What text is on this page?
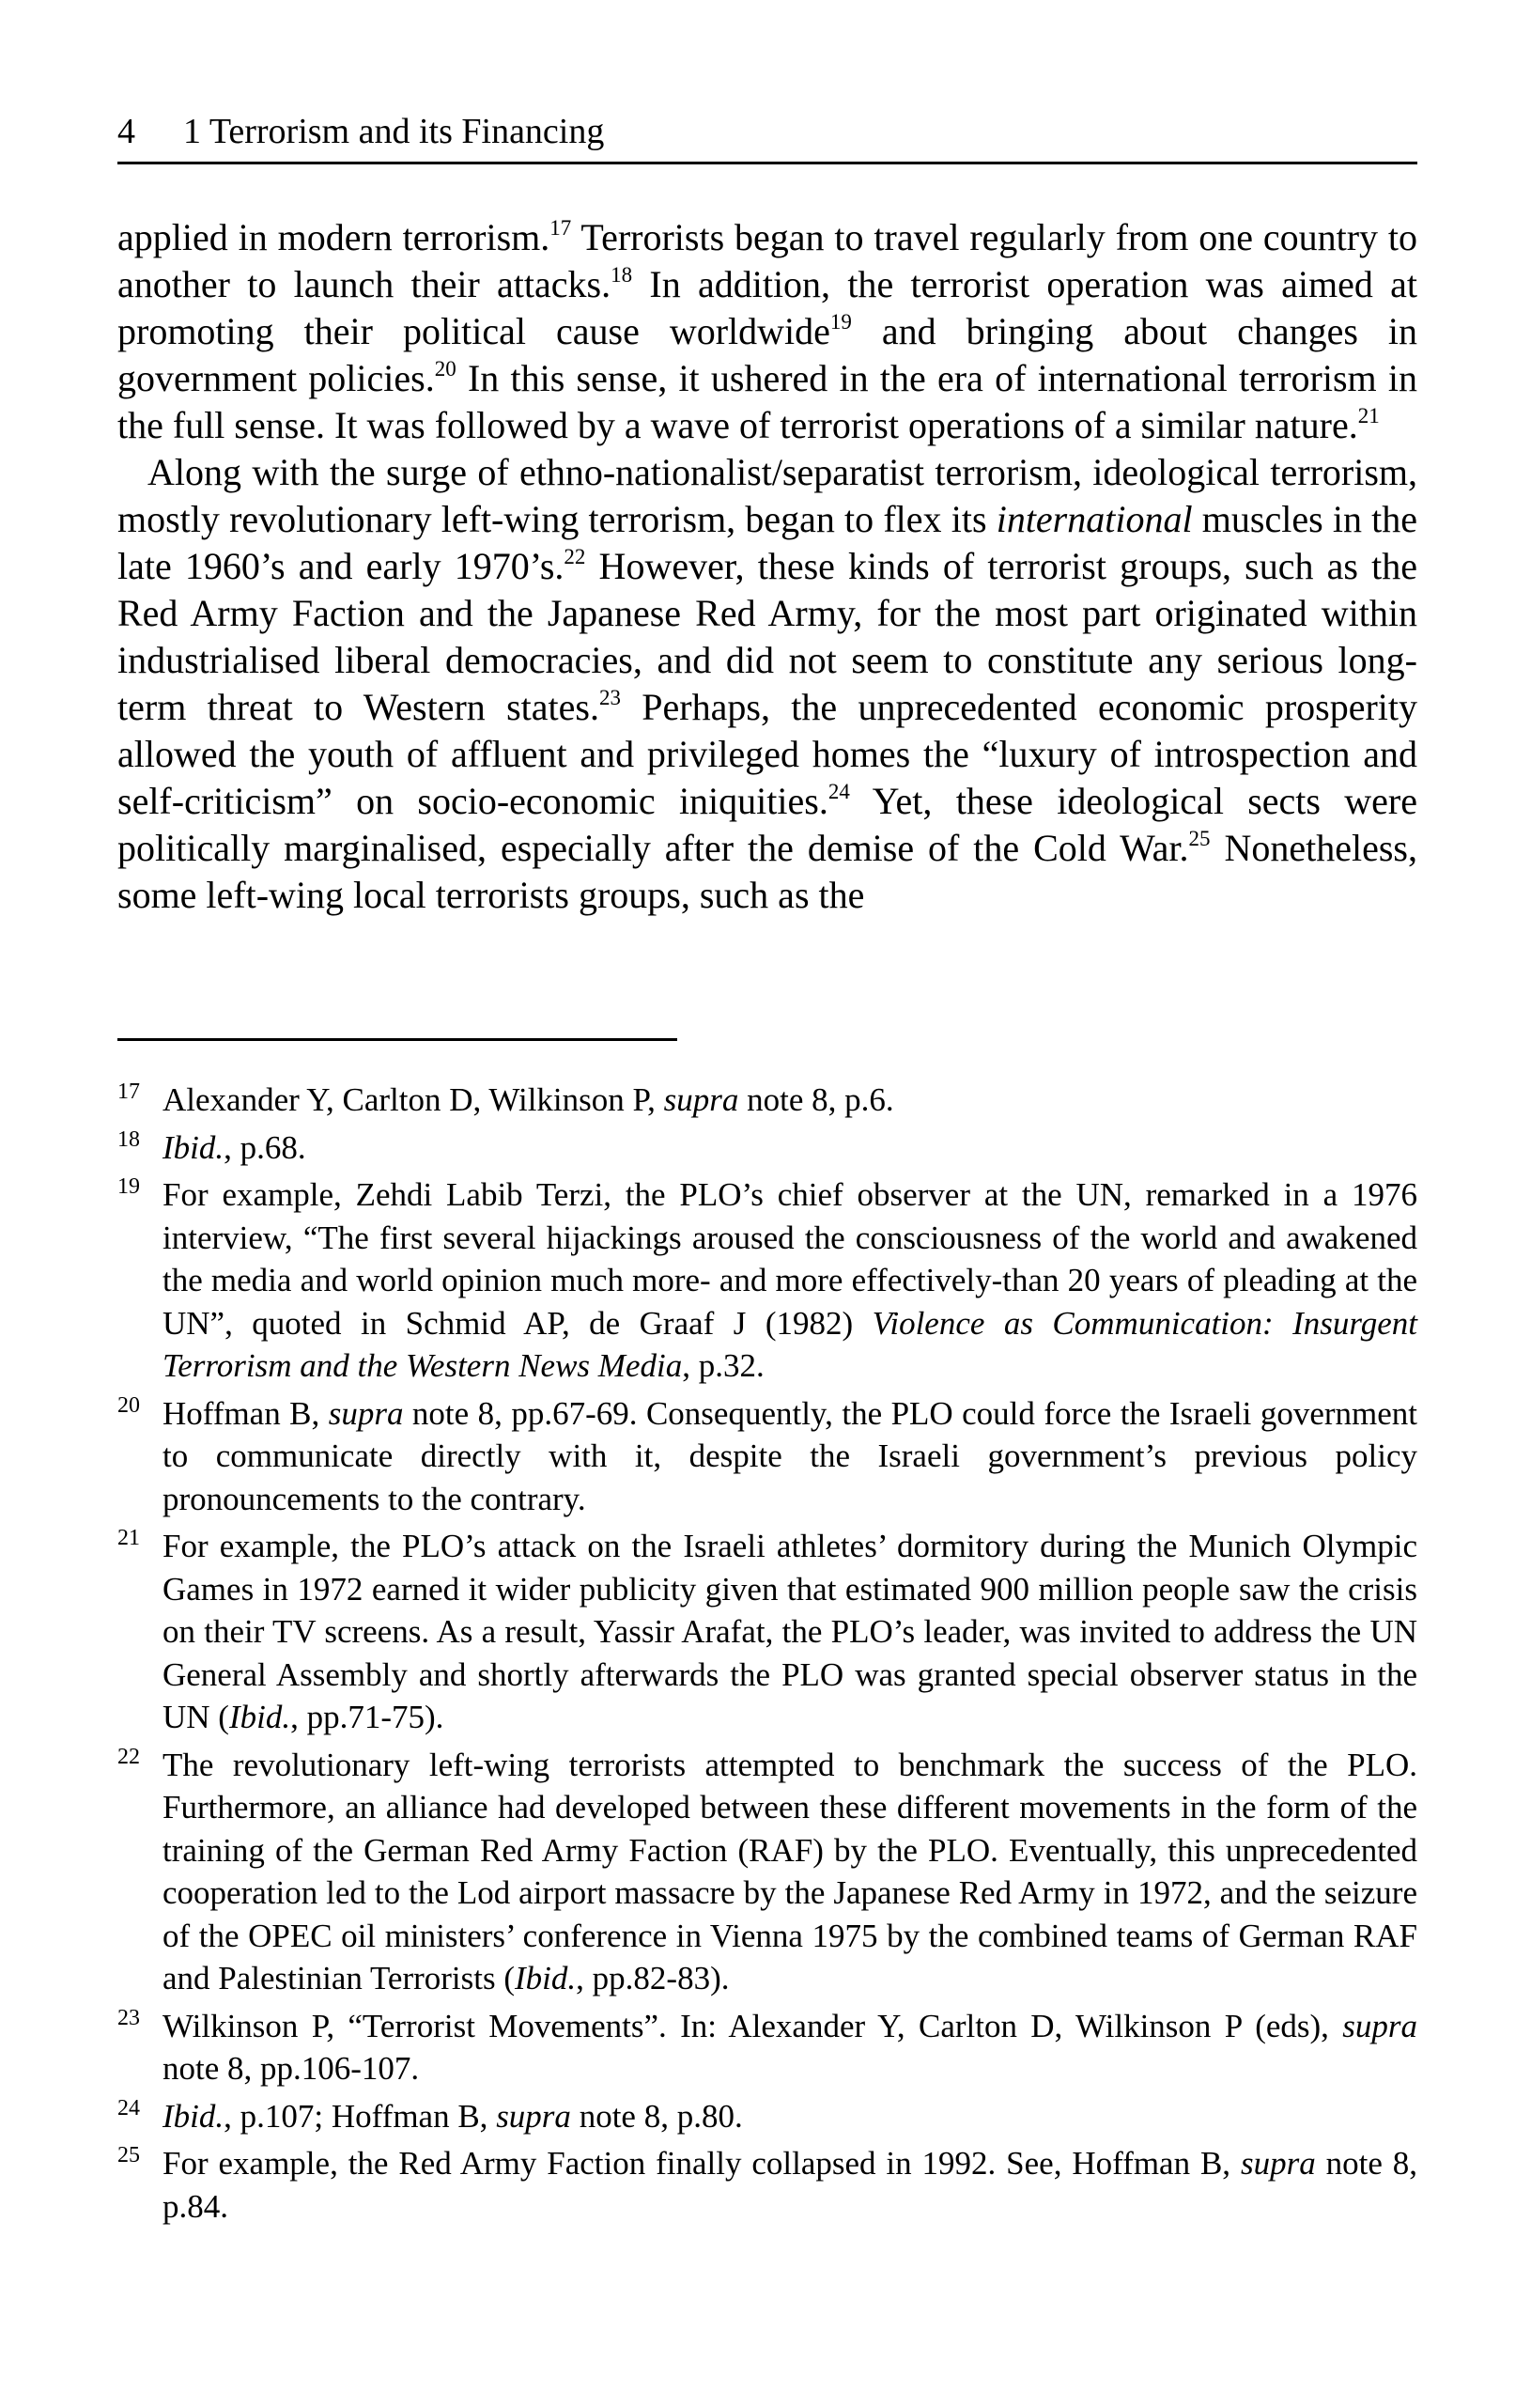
4 1 Terrorism and its Financing

applied in modern terrorism.$^{17}$ Terrorists began to travel regularly from one country to another to launch their attacks.$^{18}$ In addition, the terrorist operation was aimed at promoting their political cause worldwide$^{19}$ and bringing about changes in government policies.$^{20}$ In this sense, it ushered in the era of international terrorism in the full sense. It was followed by a wave of terrorist operations of a similar nature.$^{21}$

Along with the surge of ethno-nationalist/separatist terrorism, ideological terrorism, mostly revolutionary left-wing terrorism, began to flex its international muscles in the late 1960’s and early 1970’s.$^{22}$ However, these kinds of terrorist groups, such as the Red Army Faction and the Japanese Red Army, for the most part originated within industrialised liberal democracies, and did not seem to constitute any serious long-term threat to Western states.$^{23}$ Perhaps, the unprecedented economic prosperity allowed the youth of affluent and privileged homes the “luxury of introspection and self-criticism” on socio-economic iniquities.$^{24}$ Yet, these ideological sects were politically marginalised, especially after the demise of the Cold War.$^{25}$ Nonetheless, some left-wing local terrorists groups, such as the

17 Alexander Y, Carlton D, Wilkinson P, supra note 8, p.6.
18 Ibid., p.68.
19 For example, Zehdi Labib Terzi, the PLO’s chief observer at the UN, remarked in a 1976 interview, “The first several hijackings aroused the consciousness of the world and awakened the media and world opinion much more- and more effectively-than 20 years of pleading at the UN”, quoted in Schmid AP, de Graaf J (1982) Violence as Communication: Insurgent Terrorism and the Western News Media, p.32.
20 Hoffman B, supra note 8, pp.67-69. Consequently, the PLO could force the Israeli government to communicate directly with it, despite the Israeli government’s previous policy pronouncements to the contrary.
21 For example, the PLO’s attack on the Israeli athletes’ dormitory during the Munich Olympic Games in 1972 earned it wider publicity given that estimated 900 million people saw the crisis on their TV screens. As a result, Yassir Arafat, the PLO’s leader, was invited to address the UN General Assembly and shortly afterwards the PLO was granted special observer status in the UN (Ibid., pp.71-75).
22 The revolutionary left-wing terrorists attempted to benchmark the success of the PLO. Furthermore, an alliance had developed between these different movements in the form of the training of the German Red Army Faction (RAF) by the PLO. Eventually, this unprecedented cooperation led to the Lod airport massacre by the Japanese Red Army in 1972, and the seizure of the OPEC oil ministers’ conference in Vienna 1975 by the combined teams of German RAF and Palestinian Terrorists (Ibid., pp.82-83).
23 Wilkinson P, “Terrorist Movements”. In: Alexander Y, Carlton D, Wilkinson P (eds), supra note 8, pp.106-107.
24 Ibid., p.107; Hoffman B, supra note 8, p.80.
25 For example, the Red Army Faction finally collapsed in 1992. See, Hoffman B, supra note 8, p.84.
